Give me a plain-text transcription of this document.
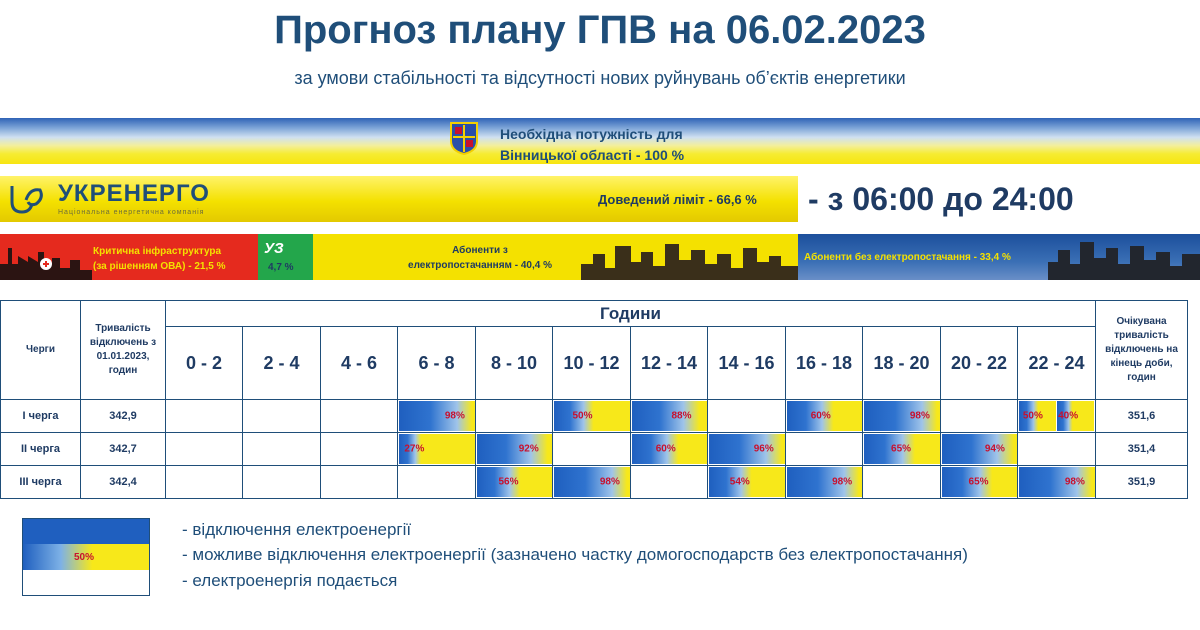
Прогноз плану ГПВ на 06.02.2023
за умови стабільності та відсутності нових руйнувань об’єктів енергетики
Необхідна потужність для
Вінницької області - 100 %
УКРЕНЕРГО
Національна енергетична компанія
Доведений ліміт - 66,6 % - з 06:00 до 24:00
Критична інфраструктура
(за рішенням ОВА) - 21,5 %
УЗ
4,7 %
Абоненти з
електропостачанням - 40,4 %
Абоненти без електропостачання - 33,4 %
Черги	Тривалість відключень з 01.01.2023, годин	Години												Очікувана тривалість відключень на кінець доби, годин
		0 - 2	2 - 4	4 - 6	6 - 8	8 - 10	10 - 12	12 - 14	14 - 16	16 - 18	18 - 20	20 - 22	22 - 24	
І черга	342,9				98%		50%	88%		60%	98%		50% 40%	351,6
ІІ черга	342,7				27%	92%		60%	96%		65%	94%		351,4
ІІІ черга	342,4					56%	98%		54%	98%		65%	98%	351,9
50%
- відключення електроенергії
- можливе відключення електроенергії (зазначено частку домогосподарств без електропостачання)
- електроенергія подається
